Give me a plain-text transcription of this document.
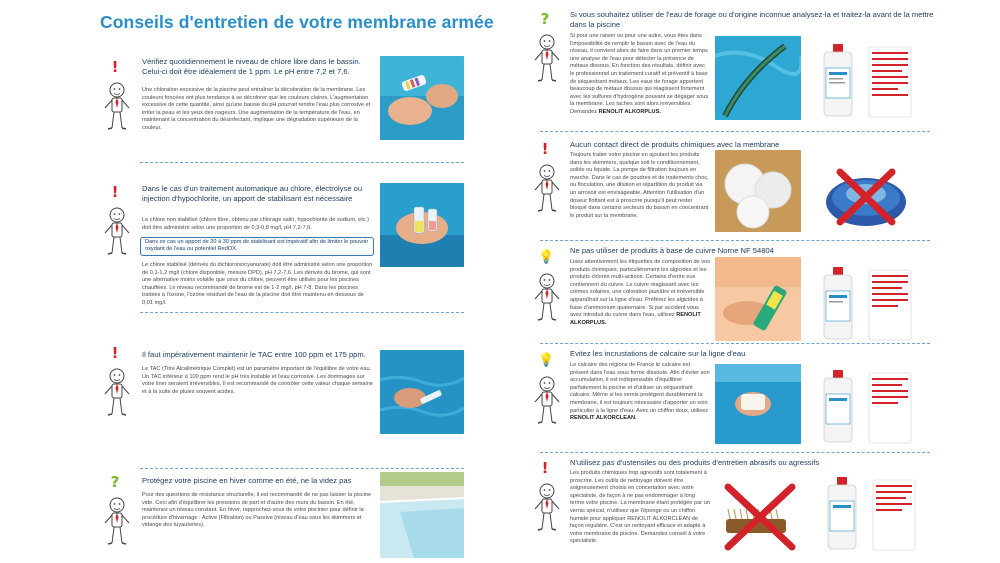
Conseils d'entretien de votre membrane armée
!	Vérifiez quotidiennement le niveau de chlore libre dans le bassin. Celui-ci doit être idéalement de 1 ppm. Le pH entre 7,2 et 7,6.
Une chloration excessive de la piscine peut entraîner la décoloration de la membrane. Les couleurs foncées ont plus tendance à se décolorer que les couleurs claires. L'augmentation excessive de cette quantité, ainsi qu'une baisse du pH pourrait rendre l'eau plus corrosive et irriter la peau et les yeux des nageurs. Une augmentation de la température de l'eau, en maintenant la concentration du désinfectant, implique une dégradation supérieure de la couleur.
!	Dans le cas d'un traitement automatique au chlore, électrolyse ou injection d'hypochlorite, un apport de stabilisant est nécessaire
Le chlore non stabilisé (chlore libre, obtenu par chlorage salin, hypochlorite de sodium, etc.) doit être administré selon une proportion de 0,3-0,8 mg/l, pH 7,2-7,6.
Dans ce cas un apport de 20 à 30 ppm de stabilisant est impératif afin de limiter le pouvoir oxydant de l'eau ou potentiel RedOX.
Le chlore stabilisé (dérivés du dichloroisocyanurate) doit être administré selon une proportion de 0,1-1,2 mg/l (chlore disponible, mesure DPD), pH 7,2-7,6. Les dérivés du brome, qui sont une alternative moins volatile que ceux du chlore, peuvent être utilisés pour les piscines chauffées. Le niveau recommandé de brome est de 1-2 mg/l, pH 7-8. Dans les piscines traitées à l'ozone, l'ozone résiduel de l'eau de la piscine doit être maintenu en dessous de 0,01 mg/l.
!	Il faut impérativement maintenir le TAC entre 100 ppm et 175 ppm.
Le TAC (Titre Alcalimétrique Complet) est un paramètre important de l'équilibre de votre eau. Un TAC inférieur à 100 ppm rend le pH très instable et l'eau corrosive. Les dommages sur votre liner seraient irréversibles. Il est recommandé de contrôler cette valeur chaque semaine et à la suite de pluies souvent acides.
?	Protégez votre piscine en hiver comme en été, ne la videz pas
Pour des questions de résistance structurelle, il est recommandé de ne pas laisser la piscine vide. Ceci afin d'équilibrer les pressions de part et d'autre des murs du bassin. En été, maintenez un niveau constant. En hiver, rapprochez-vous de votre piscinier pour définir la procédure d'hivernage : Active (Filtration) ou Passive (niveau d'eau sous les skimmers et vidange des tuyauteries).
?	Si vous souhaitez utiliser de l'eau de forage ou d'origine inconnue analysez-la et traitez-la avant de la mettre dans la piscine
Si pour une raison ou pour une autre, vous êtes dans l'impossibilité de remplir le bassin avec de l'eau du réseau, il convient alors de faire dans un premier temps une analyse de l'eau pour détecter la présence de métaux dissous. En fonction des résultats, définir avec le professionnel un traitement curatif et préventif à base de séquestrant métaux. Les eaux de forage apportent beaucoup de métaux dissous qui réagissent fortement avec les sulfures d'hydrogène pouvant se dégager sous la membrane. Les taches sont alors irréversibles. Demandez RENOLIT ALKORPLUS.
!	Aucun contact direct de produits chimiques avec la membrane
Toujours traiter votre piscine en ajoutant les produits dans les skimmers, quelque soit le conditionnement, solide ou liquide. La pompe de filtration toujours en marche. Dans le cas de poudres et de traitements choc, ou floculation, une dilution et répartition du produit via un arrosoir est envisageable. Attention l'utilisation d'un doseur flottant est à proscrire puisqu'il peut rester bloqué dans certains secteurs du bassin en concentrant le produit sur la membrane.
💡 Ne pas utiliser de produits à base de cuivre Norne NF 54804
Lisez attentivement les étiquettes de composition de vos produits chimiques, particulièrement les algicides et les produits chlorés multi-actions. Certains d'entre eux contiennent du cuivre. Le cuivre réagissant avec les crèmes solaires, une coloration jaunâtre et irréversible apparaîtrait sur la ligne d'eau. Préférez les algicides à base d'ammonium quaternaire. Si par accident vous avez introduit du cuivre dans l'eau, utilisez RENOLIT ALKORPLUS.
💡 Evitez les incrustations de calcaire sur la ligne d'eau
Le calcaire des régions de France le calcaire est présent dans l'eau sous forme dissoute. Afin d'éviter son accumulation, il est indispensable d'équilibrer parfaitement la piscine et d'utiliser un séquestrant calcaire. Même si les vernis protègent durablement la membrane, il est toujours nécessaire d'apporter un soin particulier à la ligne d'eau. Avec un chiffon doux, utilisez RENOLIT ALKORCLEAN.
!	N'utilisez pas d'ustensiles ou des produits d'entretien abrasifs ou agressifs
Les produits chimiques trop agressifs sont totalement à proscrire. Les outils de nettoyage doivent être soigneusement choisis en concertation avec votre spécialiste, de façon à ne pas endommager à long terme votre piscine. La membrane étant protégée par un vernis spécial, n'utilisez que l'éponge ou un chiffon humide pour appliquer RENOLIT ALKORCLEAN de façon régulière. C'est un nettoyant efficace et adapté à votre membrane de piscine. Demandez conseil à votre spécialiste.
